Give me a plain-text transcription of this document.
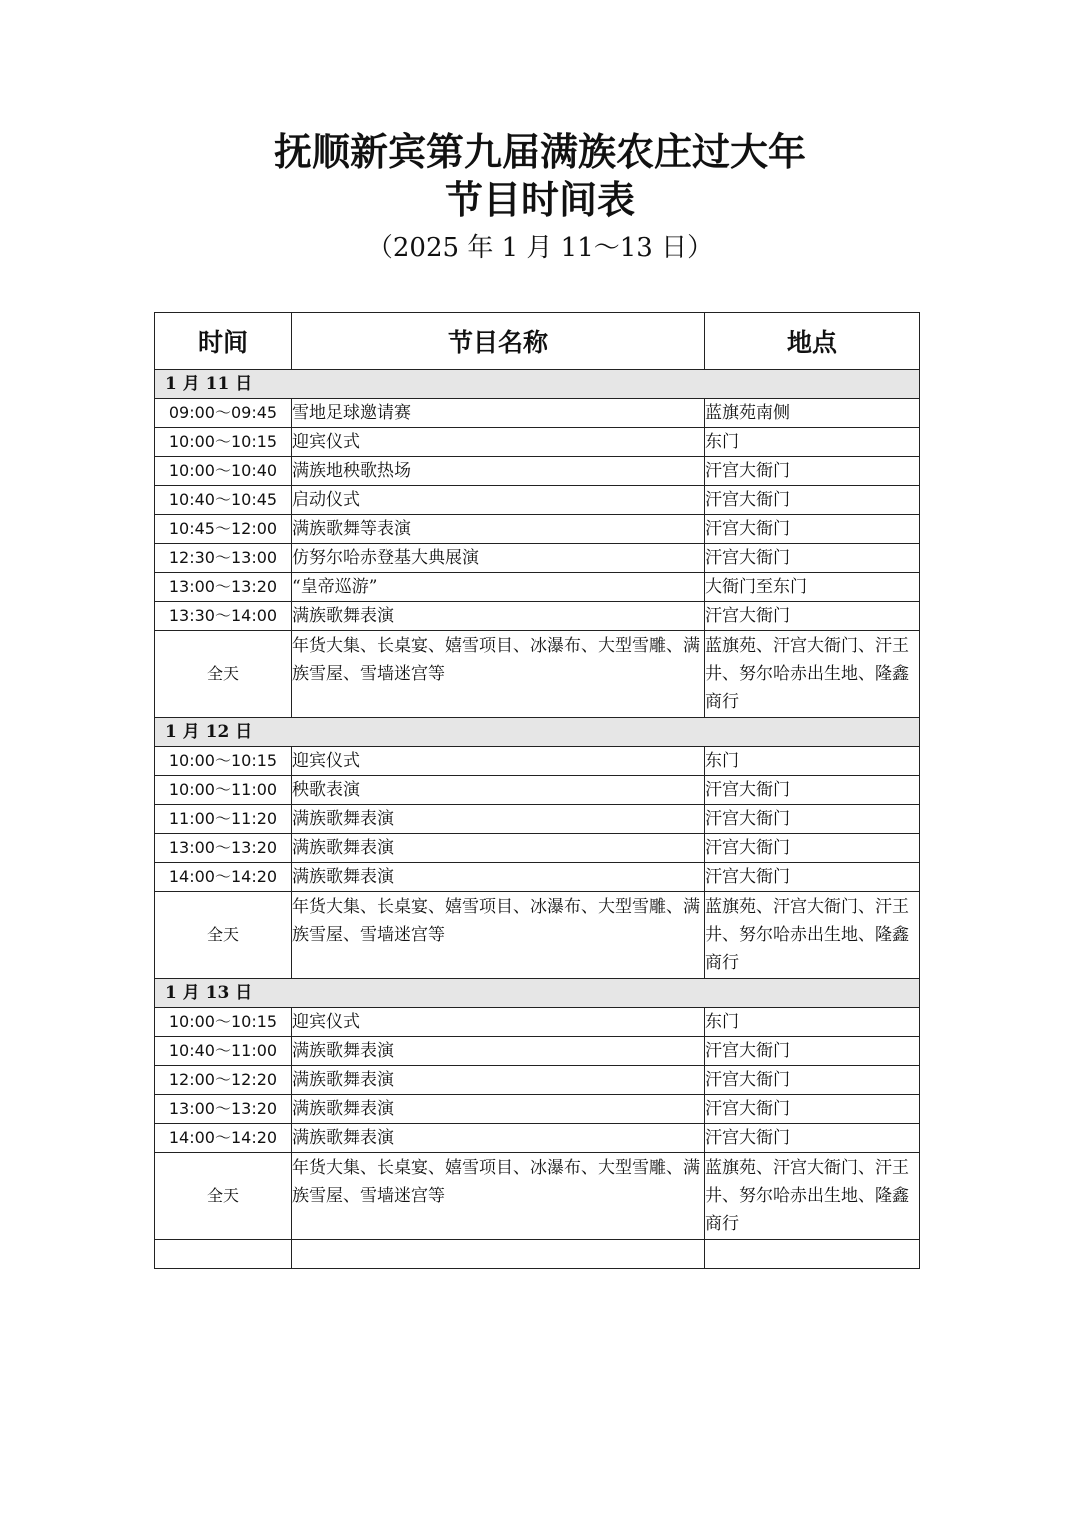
抚顺新宾第九届满族农庄过大年
节目时间表
（2025 年 1 月 11～13 日）
时间	节目名称	地点
1 月 11 日		
09:00～09:45	雪地足球邀请赛	蓝旗苑南侧
10:00～10:15	迎宾仪式	东门
10:00～10:40	满族地秧歌热场	汗宫大衙门
10:40～10:45	启动仪式	汗宫大衙门
10:45～12:00	满族歌舞等表演	汗宫大衙门
12:30～13:00	仿努尔哈赤登基大典展演	汗宫大衙门
13:00～13:20	“皇帝巡游”	大衙门至东门
13:30～14:00	满族歌舞表演	汗宫大衙门
全天	年货大集、长桌宴、嬉雪项目、冰瀑布、大型雪雕、满族雪屋、雪墙迷宫等	蓝旗苑、汗宫大衙门、汗王井、努尔哈赤出生地、隆鑫商行
1 月 12 日		
10:00～10:15	迎宾仪式	东门
10:00～11:00	秧歌表演	汗宫大衙门
11:00～11:20	满族歌舞表演	汗宫大衙门
13:00～13:20	满族歌舞表演	汗宫大衙门
14:00～14:20	满族歌舞表演	汗宫大衙门
全天	年货大集、长桌宴、嬉雪项目、冰瀑布、大型雪雕、满族雪屋、雪墙迷宫等	蓝旗苑、汗宫大衙门、汗王井、努尔哈赤出生地、隆鑫商行
1 月 13 日		
10:00～10:15	迎宾仪式	东门
10:40～11:00	满族歌舞表演	汗宫大衙门
12:00～12:20	满族歌舞表演	汗宫大衙门
13:00～13:20	满族歌舞表演	汗宫大衙门
14:00～14:20	满族歌舞表演	汗宫大衙门
全天	年货大集、长桌宴、嬉雪项目、冰瀑布、大型雪雕、满族雪屋、雪墙迷宫等	蓝旗苑、汗宫大衙门、汗王井、努尔哈赤出生地、隆鑫商行
